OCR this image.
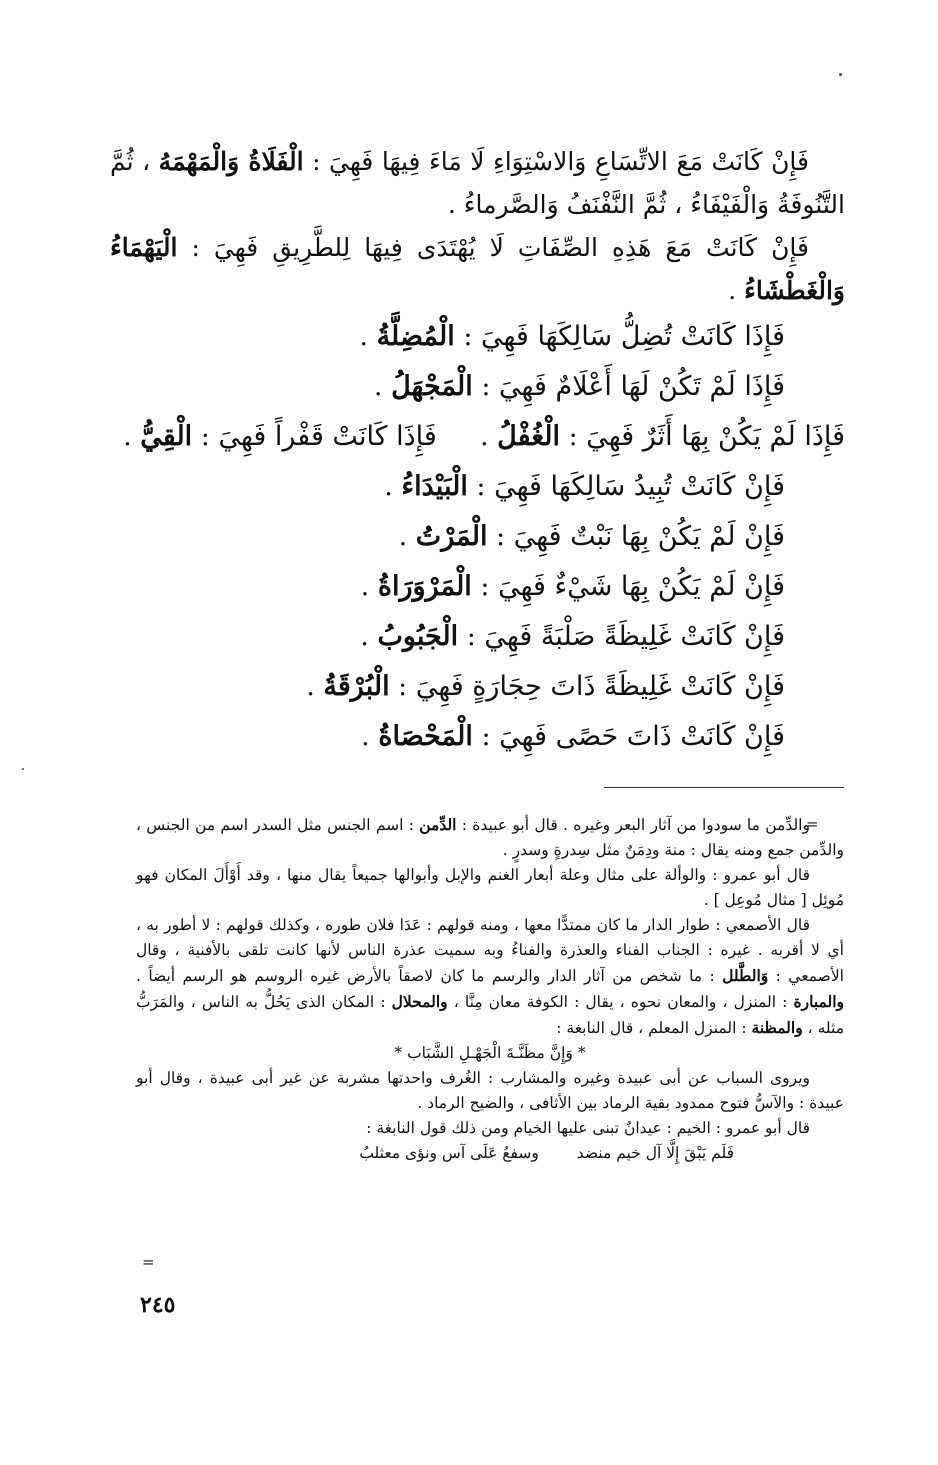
فَإِنْ كَانَتْ مَعَ الاتِّسَاعِ وَالاسْتِوَاءِ لَا مَاءَ فِيهَا فَهِيَ : الْفَلَاةُ وَالْمَهْمَهُ ، ثُمَّ التَّنُوفَةُ وَالْفَيْفَاءُ ، ثُمَّ النَّفْنَفُ وَالصَّرماءُ .

فَإِنْ كَانَتْ مَعَ هَذِهِ الصِّفَاتِ لَا يُهْتَدَى فِيهَا لِلطَّرِيقِ فَهِيَ : الْيَهْمَاءُ وَالْغَطْشَاءُ .

فَإِذَا كَانَتْ تُضِلُّ سَالِكَهَا فَهِيَ : الْمُضِلَّةُ .
فَإِذَا لَمْ تَكُنْ لَهَا أَعْلَامٌ فَهِيَ : الْمَجْهَلُ .
فَإِذَا لَمْ يَكُنْ بِهَا أَثَرٌ فَهِيَ : الْغُفْلُ .  فَإِذَا كَانَتْ قَفْراً فَهِيَ : الْقِيُّ .
فَإِنْ كَانَتْ تُبِيدُ سَالِكَهَا فَهِيَ : الْبَيْدَاءُ .
فَإِنْ لَمْ يَكُنْ بِهَا نَبْتٌ فَهِيَ : الْمَرْتُ .
فَإِنْ لَمْ يَكُنْ بِهَا شَيْءٌ فَهِيَ : الْمَرْوَرَاةُ .
فَإِنْ كَانَتْ غَلِيظَةً صَلْبَةً فَهِيَ : الْجَبُوبُ .
فَإِنْ كَانَتْ غَلِيظَةً ذَاتَ حِجَارَةٍ فَهِيَ : الْبُرْقَةُ .
فَإِنْ كَانَتْ ذَاتَ حَصًى فَهِيَ : الْمَحْصَاةُ .
=

والدِّمن ما سودوا من آثار البعر وغيره . قال أبو عبيدة : الدِّمن : اسم الجنس مثل السدر اسم من الجنس ، والدِّمن جمع ومنه يقال : منة ودِمَنٌ مثل سِدرةٍ وسدرٍ .

قال أبو عمرو : والوألة على مثال وعلة أبعار الغنم والإبل وأبوالها جميعاً يقال منها ، وقد أَوْأَلَ المكان فهو مُوئِل [ مثال مُوعِل ] .

قال الأصمعي : طوار الدار ما كان ممتدًّا معها ، ومنه قولهم : عَدَا فلان طوره ، وكذلك قولهم : لا أطور به ، أي لا أقربه . غيره : الجناب الفناء والعذرة والفناءُ وبه سميت عذرة الناس لأنها كانت تلقى بالأفنية ، وقال الأصمعي : وَالطَّلل : ما شخص من آثار الدار والرسم ما كان لاصقاً بالأرض غيره الروسم هو الرسم أيضاً . والمبارة : المنزل ، والمعان نحوه ، يقال : الكوفة معان مِنَّا ، والمحلال : المكان الذى يَحُلُّ به الناس ، والمَرَبُّ مثله ، والمظنة : المنزل المعلم ، قال النابغة :

* وَإِنَّ مظَنَّـةَ الْجَهْـلِ الشَّبَاب *

ويروى السباب عن أبى عبيدة وغيره والمشارب : الغُرف واحدتها مشربة عن غير أبى عبيدة ، وقال أبو عبيدة : والآسُّ فتوح ممدود بقية الرماد بين الأثافى ، والضيح الرماد .

قال أبو عمرو : الخيم : عيدانٌ تبنى عليها الخيام ومن ذلك قول النابغة :

فَلَم يَبْقَ إِلَّا آل خيم منضد  وسفعُ عَلَى آس ونؤى معثلبُ

=
٢٤٥
